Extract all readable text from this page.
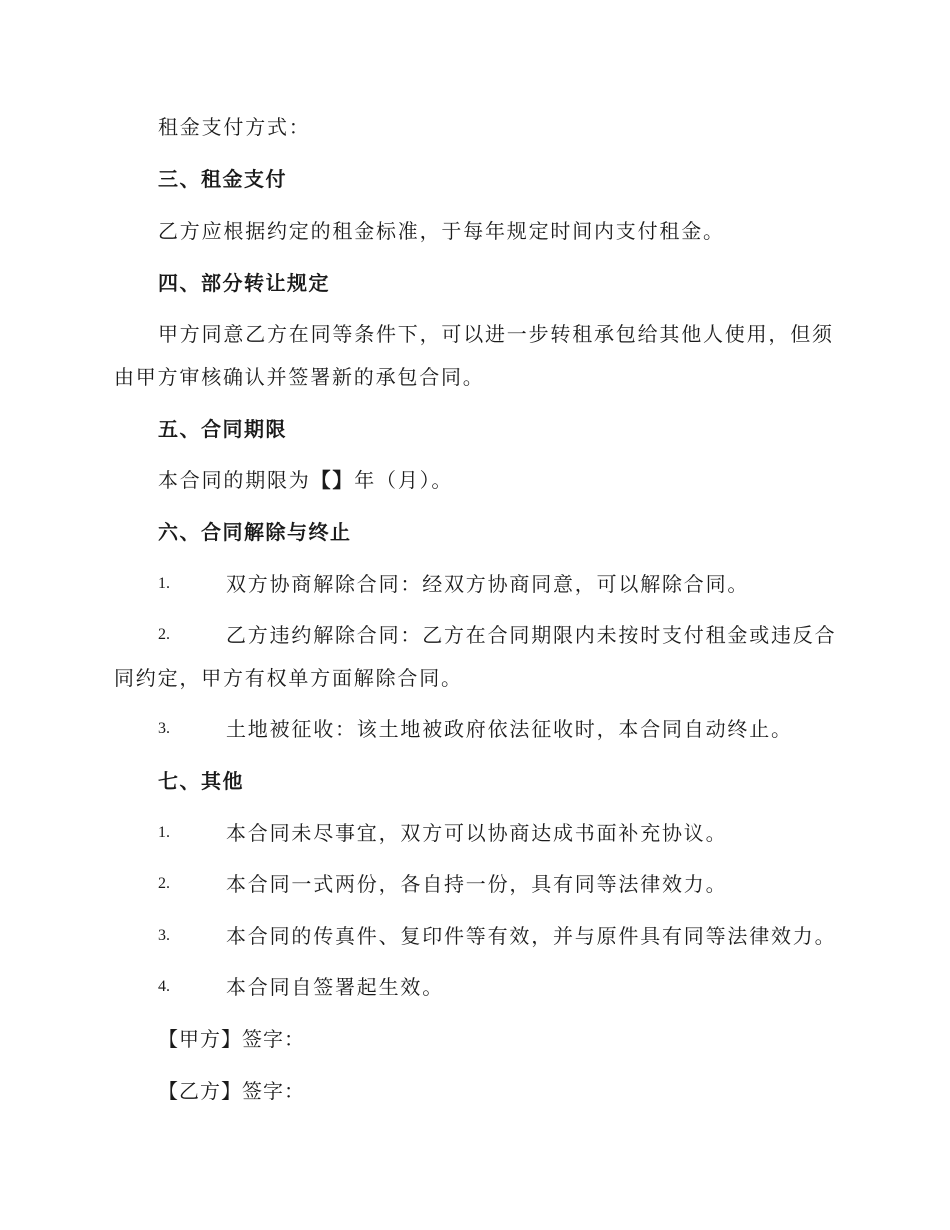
租金支付方式：
三、租金支付
乙方应根据约定的租金标准，于每年规定时间内支付租金。
四、部分转让规定
甲方同意乙方在同等条件下，可以进一步转租承包给其他人使用，但须
由甲方审核确认并签署新的承包合同。
五、合同期限
本合同的期限为【】年（月）。
六、合同解除与终止
1.	双方协商解除合同：经双方协商同意，可以解除合同。
2.	乙方违约解除合同：乙方在合同期限内未按时支付租金或违反合
同约定，甲方有权单方面解除合同。
3.	土地被征收：该土地被政府依法征收时，本合同自动终止。
七、其他
1.	本合同未尽事宜，双方可以协商达成书面补充协议。
2.	本合同一式两份，各自持一份，具有同等法律效力。
3.	本合同的传真件、复印件等有效，并与原件具有同等法律效力。
4.	本合同自签署起生效。
【甲方】签字：
【乙方】签字：
